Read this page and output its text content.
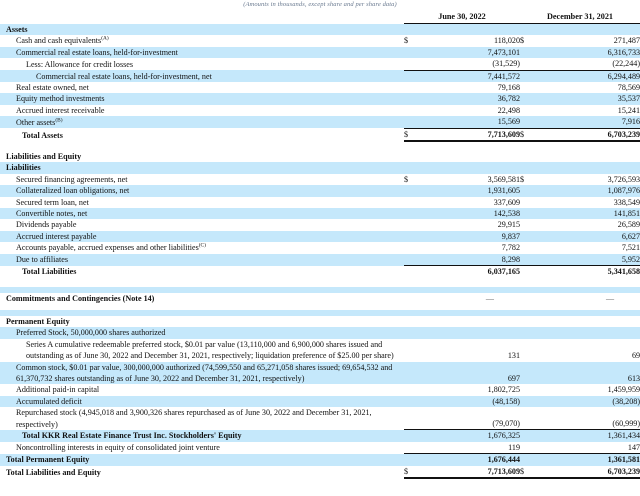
(Amounts in thousands, except share and per share data)
	June 30, 2022		December 31, 2021	
Assets				
Cash and cash equivalents$^{(A)}$	$	118,020	$	271,487
Commercial real estate loans, held-for-investment		7,473,101		6,316,733
Less: Allowance for credit losses		(31,529)		(22,244)
Commercial real estate loans, held-for-investment, net		7,441,572		6,294,489
Real estate owned, net		79,168		78,569
Equity method investments		36,782		35,537
Accrued interest receivable		22,498		15,241
Other assets$^{(B)}$		15,569		7,916
Total Assets	$	7,713,609	$	6,703,239

Liabilities and Equity				
Liabilities				
Secured financing agreements, net	$	3,569,581	$	3,726,593
Collateralized loan obligations, net		1,931,605		1,087,976
Secured term loan, net		337,609		338,549
Convertible notes, net		142,538		141,851
Dividends payable		29,915		26,589
Accrued interest payable		9,837		6,627
Accounts payable, accrued expenses and other liabilities$^{(C)}$		7,782		7,521
Due to affiliates		8,298		5,952
Total Liabilities		6,037,165		5,341,658

Commitments and Contingencies (Note 14)		—		—

Permanent Equity				
Preferred Stock, 50,000,000 shares authorized				
Series A cumulative redeemable preferred stock, $0.01 par value (13,110,000 and 6,900,000 shares issued and outstanding as of June 30, 2022 and December 31, 2021, respectively; liquidation preference of $25.00 per share)		131		69
Common stock, $0.01 par value, 300,000,000 authorized (74,599,550 and 65,271,058 shares issued; 69,654,532 and 61,370,732 shares outstanding as of June 30, 2022 and December 31, 2021, respectively)		697		613
Additional paid-in capital		1,802,725		1,459,959
Accumulated deficit		(48,158)		(38,208)
Repurchased stock (4,945,018 and 3,900,326 shares repurchased as of June 30, 2022 and December 31, 2021, respectively)		(79,070)		(60,999)
Total KKR Real Estate Finance Trust Inc. Stockholders' Equity		1,676,325		1,361,434
Noncontrolling interests in equity of consolidated joint venture		119		147
Total Permanent Equity		1,676,444		1,361,581
Total Liabilities and Equity	$	7,713,609	$	6,703,239
